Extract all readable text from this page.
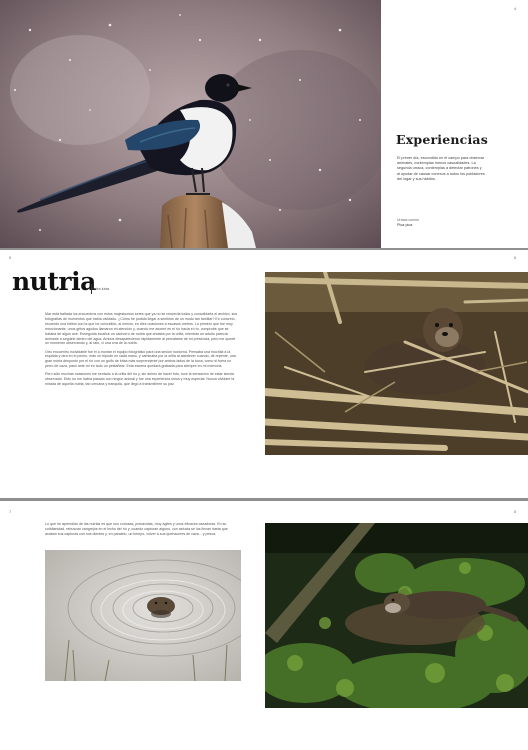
4
Experiencias
El primer día, escondido en el campo para observar animales, contemplas menos casualidades. La segunda urraca, contemplas a detectar patrones y al ayudar de causar conexos a todos los pobladores del lugar y sus hábitos.
Urraca común
Pica pica
5	6
nutria
Lutra lutra

Mar está bañada los encuentros con estos majestuosos seres que ya no se recuerda todos y consolidarla el archivo, sus fotografías de momentos que había olvidado. ¿Cómo he podido llegar a sentirlos de un modo tan familiar? En concreto, recuerdo una fotitos con la que he coincidido, al menos, en diez ocasiones a escasos metros. Lo primero que fue muy emocionante, unos gritos agudos llamaron mi atención y, cuando me asomé en el río hacia el río, comprobé que se trataba de algún ave. Enseguida localicé un cachorro de nutria que andaba por la orilla, mientras un adulto parecía animarle a seguirle dentro del agua. Ambos desaparecieron rápidamente al percatarse de mi presencia, pero me quedé un momento observando y, al rato, vi una cría de la nutria.

Otro encuentro inolvidable fue el a montar el equipo fotográfico para una sesión nocturna. Pensaba una mochila a la espalda y otra en el pecho, más un trípode en cada mano, y caminaba por la orilla al atardecer cuando, de repente, una gran nutria despuntó por el río con un golfo de brisa más sorprendente por ambos lados de la boca, como si fuera un perro de caza, pasó ante mí en todo un pestañear. Esta escena quedará grabada para siempre en mi memoria.

Pero sólo muchas ocasiones me sentado a la orilla del río y, sin ánimo de hacer foto, tuve la sensación de estar siendo observado. Esto no me había pasado con ningún animal y fue una experiencia única y muy especial. Nunca olvidaré la mirada de aquella nutria, tan cercana y tranquila, que llegó a transmitirme su paz.

7	8

Lo que he aprendido de las nutrias es que son curiosas, precavidas, muy ágiles y unos eficaces cazadoras. En su cotidianidad, rebuscan cangrejos en el lecho del río y, cuando capturan alguno, con astucia se los llevan hasta que acaban sus capturas con sus dientes y, en paralelo, un tiempo, volver a sus quehaceres de caza... y pesca.
